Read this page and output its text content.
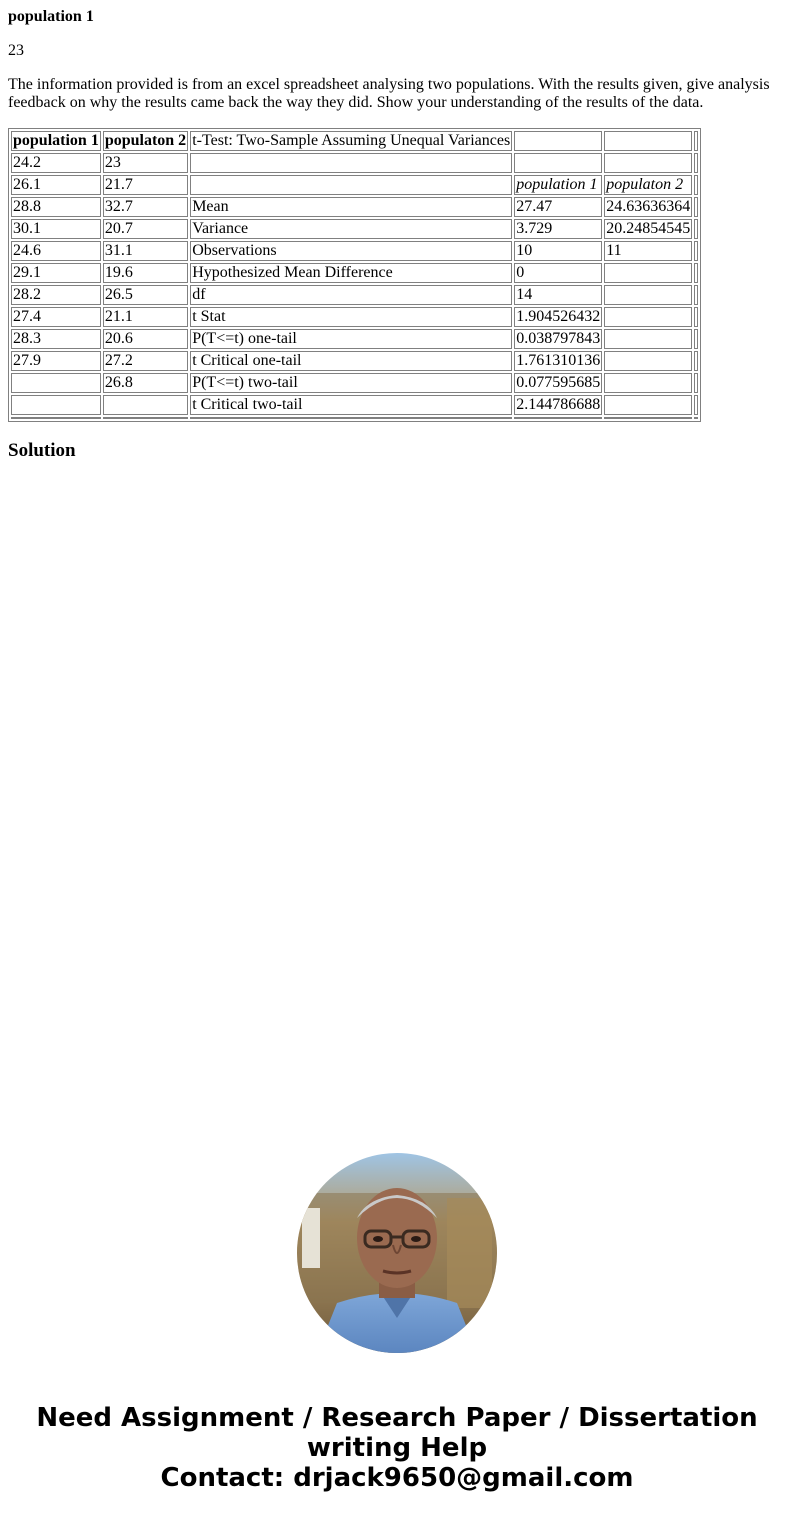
population 1
23
The information provided is from an excel spreadsheet analysing two populations. With the results given, give analysis feedback on why the results came back the way they did. Show your understanding of the results of the data.
population 1	populaton 2	t-Test: Two-Sample Assuming Unequal Variances			
24.2	23				
26.1	21.7		population 1	populaton 2	
28.8	32.7	Mean	27.47	24.63636364	
30.1	20.7	Variance	3.729	20.24854545	
24.6	31.1	Observations	10	11	
29.1	19.6	Hypothesized Mean Difference	0		
28.2	26.5	df	14		
27.4	21.1	t Stat	1.904526432		
28.3	20.6	P(T<=t) one-tail	0.038797843		
27.9	27.2	t Critical one-tail	1.761310136		
	26.8	P(T<=t) two-tail	0.077595685		
		t Critical two-tail	2.144786688		

Solution
Need Assignment / Research Paper / Dissertation
writing Help
Contact: drjack9650@gmail.com
